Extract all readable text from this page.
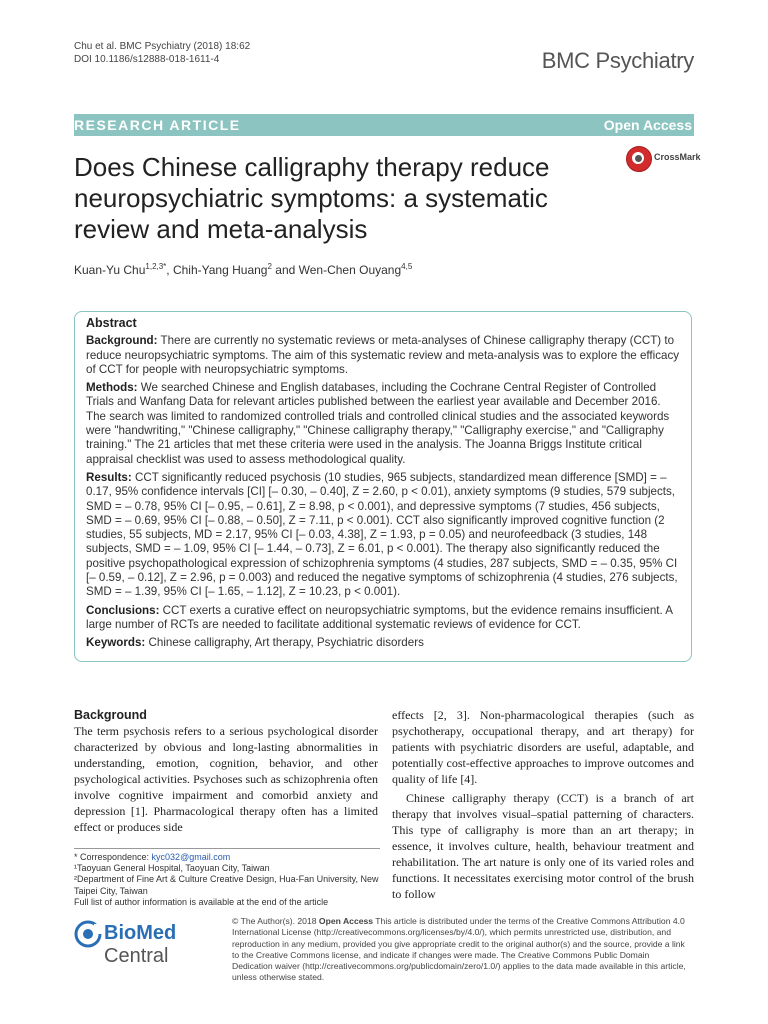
Chu et al. BMC Psychiatry (2018) 18:62
DOI 10.1186/s12888-018-1611-4	BMC Psychiatry
RESEARCH ARTICLE	Open Access
Does Chinese calligraphy therapy reduce neuropsychiatric symptoms: a systematic review and meta-analysis
CrossMark
Kuan-Yu Chu$^{1,2,3*}$, Chih-Yang Huang$^2$ and Wen-Chen Ouyang$^{4,5}$
Abstract

Background: There are currently no systematic reviews or meta-analyses of Chinese calligraphy therapy (CCT) to reduce neuropsychiatric symptoms. The aim of this systematic review and meta-analysis was to explore the efficacy of CCT for people with neuropsychiatric symptoms.

Methods: We searched Chinese and English databases, including the Cochrane Central Register of Controlled Trials and Wanfang Data for relevant articles published between the earliest year available and December 2016. The search was limited to randomized controlled trials and controlled clinical studies and the associated keywords were "handwriting," "Chinese calligraphy," "Chinese calligraphy therapy," "Calligraphy exercise," and "Calligraphy training." The 21 articles that met these criteria were used in the analysis. The Joanna Briggs Institute critical appraisal checklist was used to assess methodological quality.

Results: CCT significantly reduced psychosis (10 studies, 965 subjects, standardized mean difference [SMD] = – 0.17, 95% confidence intervals [CI] [– 0.30, – 0.40], Z = 2.60, p < 0.01), anxiety symptoms (9 studies, 579 subjects, SMD = – 0.78, 95% CI [– 0.95, – 0.61], Z = 8.98, p < 0.001), and depressive symptoms (7 studies, 456 subjects, SMD = – 0.69, 95% CI [– 0.88, – 0.50], Z = 7.11, p < 0.001). CCT also significantly improved cognitive function (2 studies, 55 subjects, MD = 2.17, 95% CI [– 0.03, 4.38], Z = 1.93, p = 0.05) and neurofeedback (3 studies, 148 subjects, SMD = – 1.09, 95% CI [– 1.44, – 0.73], Z = 6.01, p < 0.001). The therapy also significantly reduced the positive psychopathological expression of schizophrenia symptoms (4 studies, 287 subjects, SMD = – 0.35, 95% CI [– 0.59, – 0.12], Z = 2.96, p = 0.003) and reduced the negative symptoms of schizophrenia (4 studies, 276 subjects, SMD = – 1.39, 95% CI [– 1.65, – 1.12], Z = 10.23, p < 0.001).

Conclusions: CCT exerts a curative effect on neuropsychiatric symptoms, but the evidence remains insufficient. A large number of RCTs are needed to facilitate additional systematic reviews of evidence for CCT.

Keywords: Chinese calligraphy, Art therapy, Psychiatric disorders

Background

The term psychosis refers to a serious psychological disorder characterized by obvious and long-lasting abnormalities in understanding, emotion, cognition, behavior, and other psychological activities. Psychoses such as schizophrenia often involve cognitive impairment and comorbid anxiety and depression [1]. Pharmacological therapy often has a limited effect or produces side

effects [2, 3]. Non-pharmacological therapies (such as psychotherapy, occupational therapy, and art therapy) for patients with psychiatric disorders are useful, adaptable, and potentially cost-effective approaches to improve outcomes and quality of life [4].

Chinese calligraphy therapy (CCT) is a branch of art therapy that involves visual–spatial patterning of characters. This type of calligraphy is more than an art therapy; in essence, it involves culture, health, behaviour treatment and rehabilitation. The art nature is only one of its varied roles and functions. It necessitates exercising motor control of the brush to follow

* Correspondence: kyc032@gmail.com

¹Taoyuan General Hospital, Taoyuan City, Taiwan

²Department of Fine Art & Culture Creative Design, Hua-Fan University, New Taipei City, Taiwan

Full list of author information is available at the end of the article

BioMed Central
© The Author(s). 2018 Open Access This article is distributed under the terms of the Creative Commons Attribution 4.0 International License (http://creativecommons.org/licenses/by/4.0/), which permits unrestricted use, distribution, and reproduction in any medium, provided you give appropriate credit to the original author(s) and the source, provide a link to the Creative Commons license, and indicate if changes were made. The Creative Commons Public Domain Dedication waiver (http://creativecommons.org/publicdomain/zero/1.0/) applies to the data made available in this article, unless otherwise stated.
